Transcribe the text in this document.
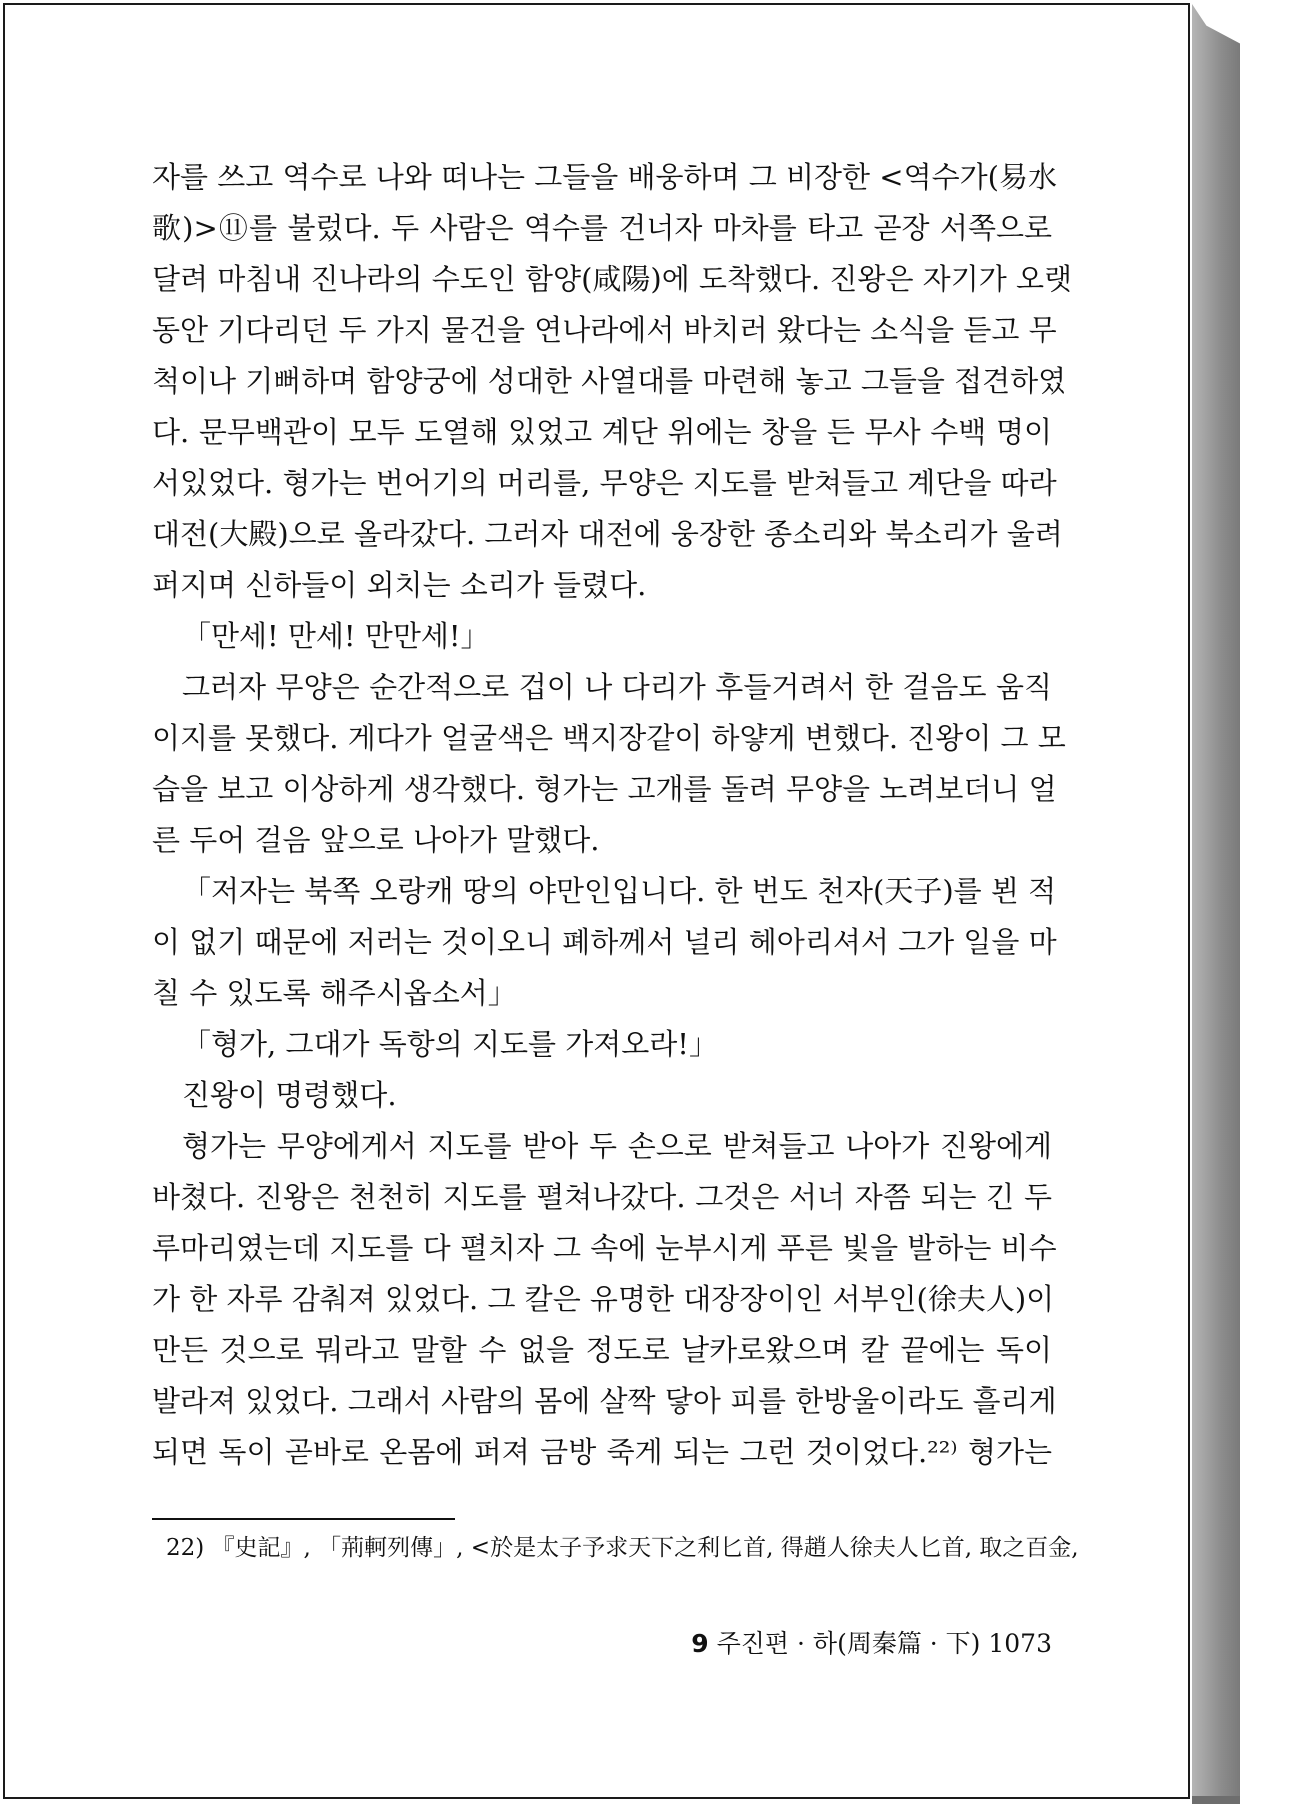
자를 쓰고 역수로 나와 떠나는 그들을 배웅하며 그 비장한 <역수가(易水
歌)>⑪를 불렀다. 두 사람은 역수를 건너자 마차를 타고 곧장 서쪽으로
달려 마침내 진나라의 수도인 함양(咸陽)에 도착했다. 진왕은 자기가 오랫
동안 기다리던 두 가지 물건을 연나라에서 바치러 왔다는 소식을 듣고 무
척이나 기뻐하며 함양궁에 성대한 사열대를 마련해 놓고 그들을 접견하였
다. 문무백관이 모두 도열해 있었고 계단 위에는 창을 든 무사 수백 명이
서있었다. 형가는 번어기의 머리를, 무양은 지도를 받쳐들고 계단을 따라
대전(大殿)으로 올라갔다. 그러자 대전에 웅장한 종소리와 북소리가 울려
퍼지며 신하들이 외치는 소리가 들렸다.
「만세! 만세! 만만세!」
그러자 무양은 순간적으로 겁이 나 다리가 후들거려서 한 걸음도 움직
이지를 못했다. 게다가 얼굴색은 백지장같이 하얗게 변했다. 진왕이 그 모
습을 보고 이상하게 생각했다. 형가는 고개를 돌려 무양을 노려보더니 얼
른 두어 걸음 앞으로 나아가 말했다.
「저자는 북쪽 오랑캐 땅의 야만인입니다. 한 번도 천자(天子)를 뵌 적
이 없기 때문에 저러는 것이오니 폐하께서 널리 헤아리셔서 그가 일을 마
칠 수 있도록 해주시옵소서」
「형가, 그대가 독항의 지도를 가져오라!」
진왕이 명령했다.
형가는 무양에게서 지도를 받아 두 손으로 받쳐들고 나아가 진왕에게
바쳤다. 진왕은 천천히 지도를 펼쳐나갔다. 그것은 서너 자쯤 되는 긴 두
루마리였는데 지도를 다 펼치자 그 속에 눈부시게 푸른 빛을 발하는 비수
가 한 자루 감춰져 있었다. 그 칼은 유명한 대장장이인 서부인(徐夫人)이
만든 것으로 뭐라고 말할 수 없을 정도로 날카로왔으며 칼 끝에는 독이
발라져 있었다. 그래서 사람의 몸에 살짝 닿아 피를 한방울이라도 흘리게
되면 독이 곧바로 온몸에 퍼져 금방 죽게 되는 그런 것이었다.²²⁾ 형가는
22) 『史記』, 「荊軻列傳」, <於是太子予求天下之利匕首, 得趙人徐夫人匕首, 取之百金,
9 주진편 · 하(周秦篇 · 下) 1073
